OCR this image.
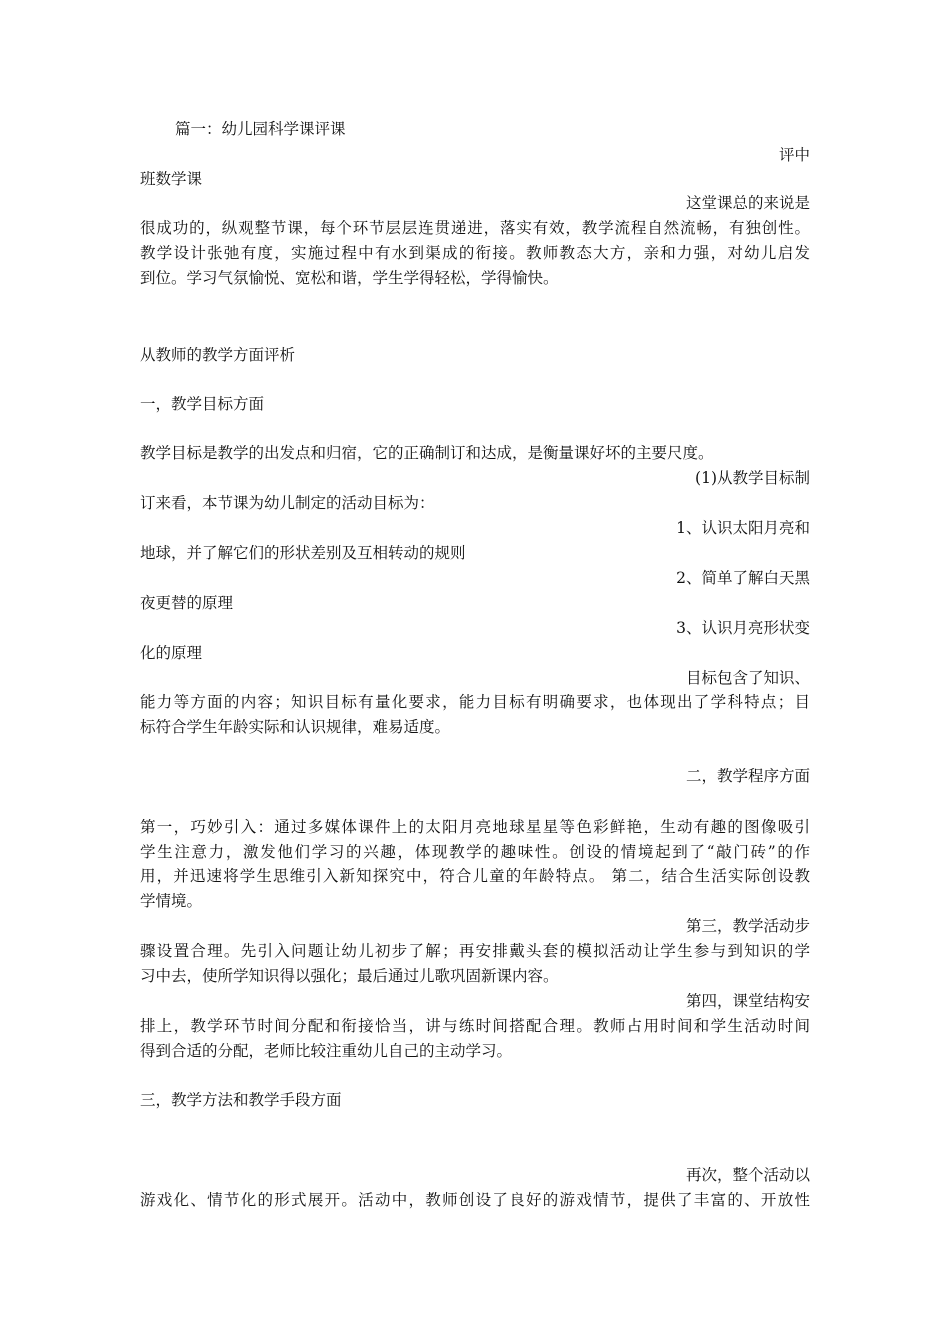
篇一：幼儿园科学课评课
评中
班数学课
这堂课总的来说是
很成功的，纵观整节课，每个环节层层连贯递进，落实有效，教学流程自然流畅，有独创性。
教学设计张弛有度，实施过程中有水到渠成的衔接。教师教态大方，亲和力强，对幼儿启发
到位。学习气氛愉悦、宽松和谐，学生学得轻松，学得愉快。
从教师的教学方面评析
一，教学目标方面
教学目标是教学的出发点和归宿，它的正确制订和达成，是衡量课好坏的主要尺度。
(1)从教学目标制
订来看，本节课为幼儿制定的活动目标为：
1、认识太阳月亮和
地球，并了解它们的形状差别及互相转动的规则
2、简单了解白天黑
夜更替的原理
3、认识月亮形状变
化的原理
目标包含了知识、
能力等方面的内容；知识目标有量化要求，能力目标有明确要求，也体现出了学科特点；目
标符合学生年龄实际和认识规律，难易适度。
二，教学程序方面
第一，巧妙引入：通过多媒体课件上的太阳月亮地球星星等色彩鲜艳，生动有趣的图像吸引
学生注意力，激发他们学习的兴趣，体现教学的趣味性。创设的情境起到了“敲门砖”的作
用，并迅速将学生思维引入新知探究中，符合儿童的年龄特点。 第二，结合生活实际创设教
学情境。
第三，教学活动步
骤设置合理。先引入问题让幼儿初步了解；再安排戴头套的模拟活动让学生参与到知识的学
习中去，使所学知识得以强化；最后通过儿歌巩固新课内容。
第四，课堂结构安
排上，教学环节时间分配和衔接恰当，讲与练时间搭配合理。教师占用时间和学生活动时间
得到合适的分配，老师比较注重幼儿自己的主动学习。
三，教学方法和教学手段方面
再次，整个活动以
游戏化、情节化的形式展开。活动中，教师创设了良好的游戏情节，提供了丰富的、开放性
